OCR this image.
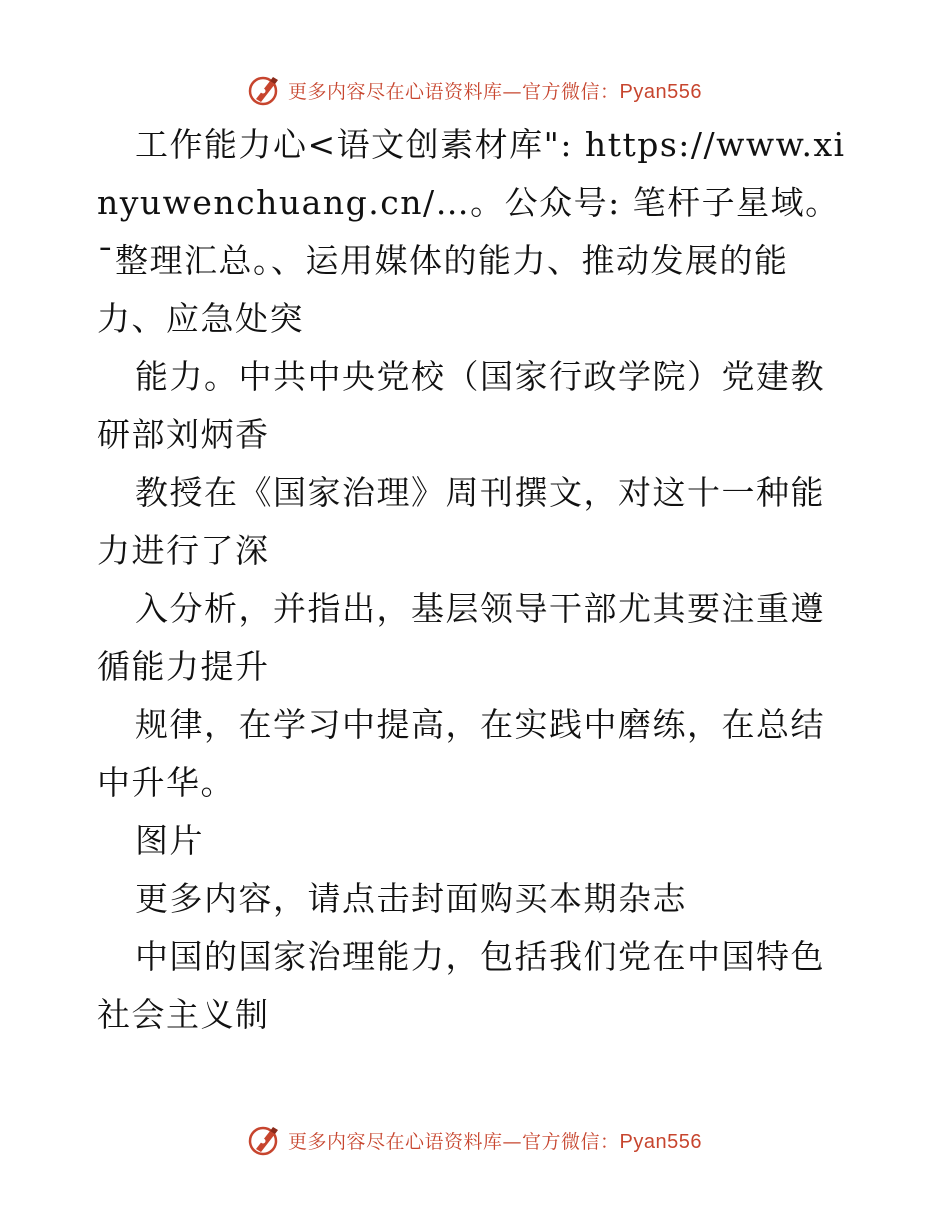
更多内容尽在心语资料库—官方微信：Pyan556

工作能力心<语文创素材库": https://www.xinyuwenchuang.cn/…。公众号: 笔杆子星域。¯整理汇总。、运用媒体的能力、推动发展的能力、应急处突

能力。中共中央党校（国家行政学院）党建教研部刘炳香

教授在《国家治理》周刊撰文，对这十一种能力进行了深

入分析，并指出，基层领导干部尤其要注重遵循能力提升

规律，在学习中提高，在实践中磨练，在总结中升华。

图片

更多内容，请点击封面购买本期杂志

中国的国家治理能力，包括我们党在中国特色社会主义制

更多内容尽在心语资料库—官方微信：Pyan556
